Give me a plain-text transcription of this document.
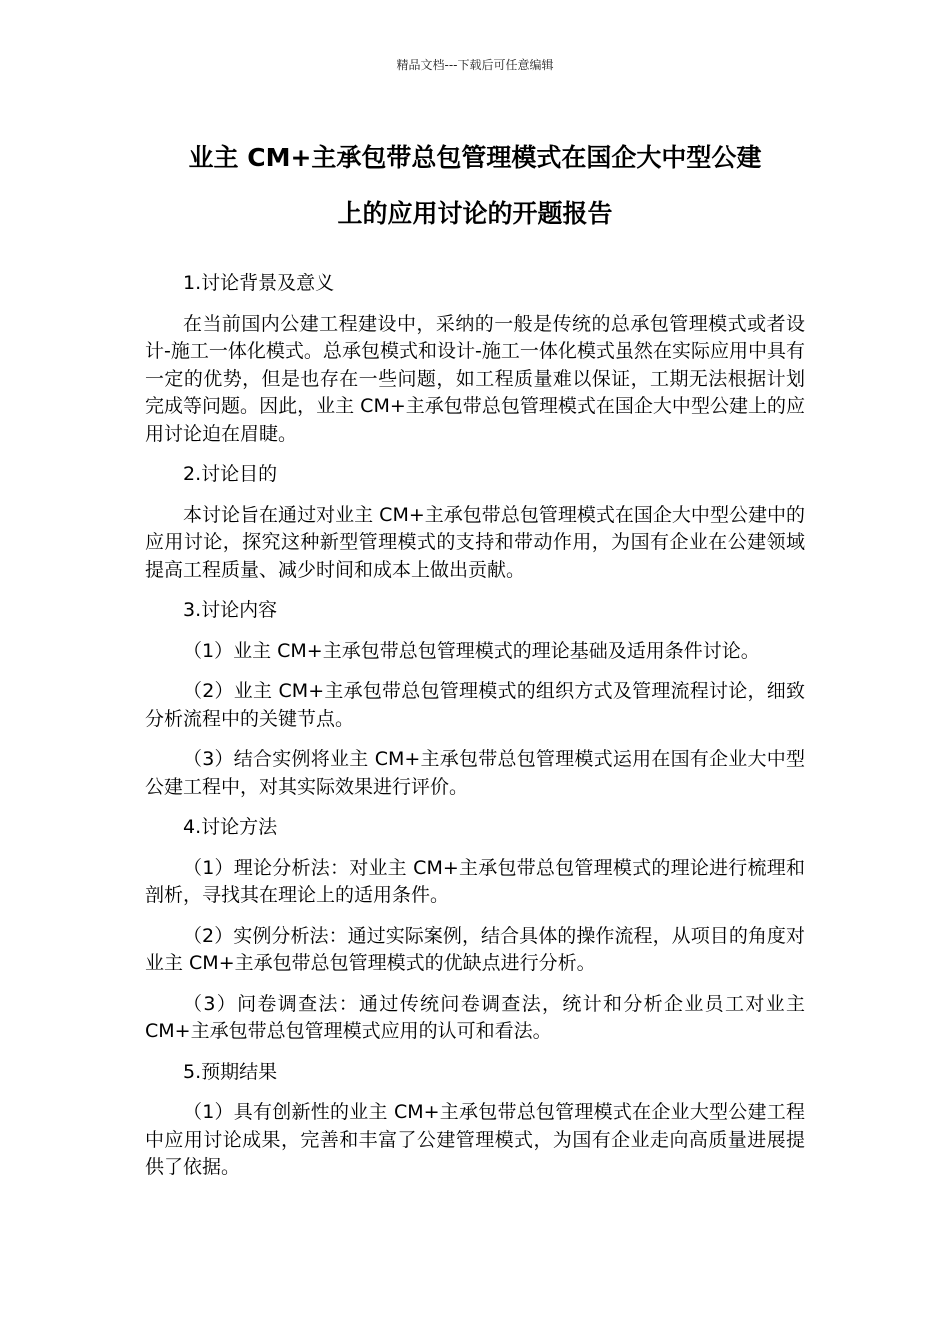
精品文档---下载后可任意编辑
业主 CM+主承包带总包管理模式在国企大中型公建
上的应用讨论的开题报告

1.讨论背景及意义

在当前国内公建工程建设中，采纳的一般是传统的总承包管理模式或者设计-施工一体化模式。总承包模式和设计-施工一体化模式虽然在实际应用中具有一定的优势，但是也存在一些问题，如工程质量难以保证，工期无法根据计划完成等问题。因此，业主 CM+主承包带总包管理模式在国企大中型公建上的应用讨论迫在眉睫。

2.讨论目的

本讨论旨在通过对业主 CM+主承包带总包管理模式在国企大中型公建中的应用讨论，探究这种新型管理模式的支持和带动作用，为国有企业在公建领域提高工程质量、减少时间和成本上做出贡献。

3.讨论内容

（1）业主 CM+主承包带总包管理模式的理论基础及适用条件讨论。

（2）业主 CM+主承包带总包管理模式的组织方式及管理流程讨论，细致分析流程中的关键节点。

（3）结合实例将业主 CM+主承包带总包管理模式运用在国有企业大中型公建工程中，对其实际效果进行评价。

4.讨论方法

（1）理论分析法：对业主 CM+主承包带总包管理模式的理论进行梳理和剖析，寻找其在理论上的适用条件。

（2）实例分析法：通过实际案例，结合具体的操作流程，从项目的角度对业主 CM+主承包带总包管理模式的优缺点进行分析。

（3）问卷调查法：通过传统问卷调查法，统计和分析企业员工对业主 CM+主承包带总包管理模式应用的认可和看法。

5.预期结果

（1）具有创新性的业主 CM+主承包带总包管理模式在企业大型公建工程中应用讨论成果，完善和丰富了公建管理模式，为国有企业走向高质量进展提供了依据。
